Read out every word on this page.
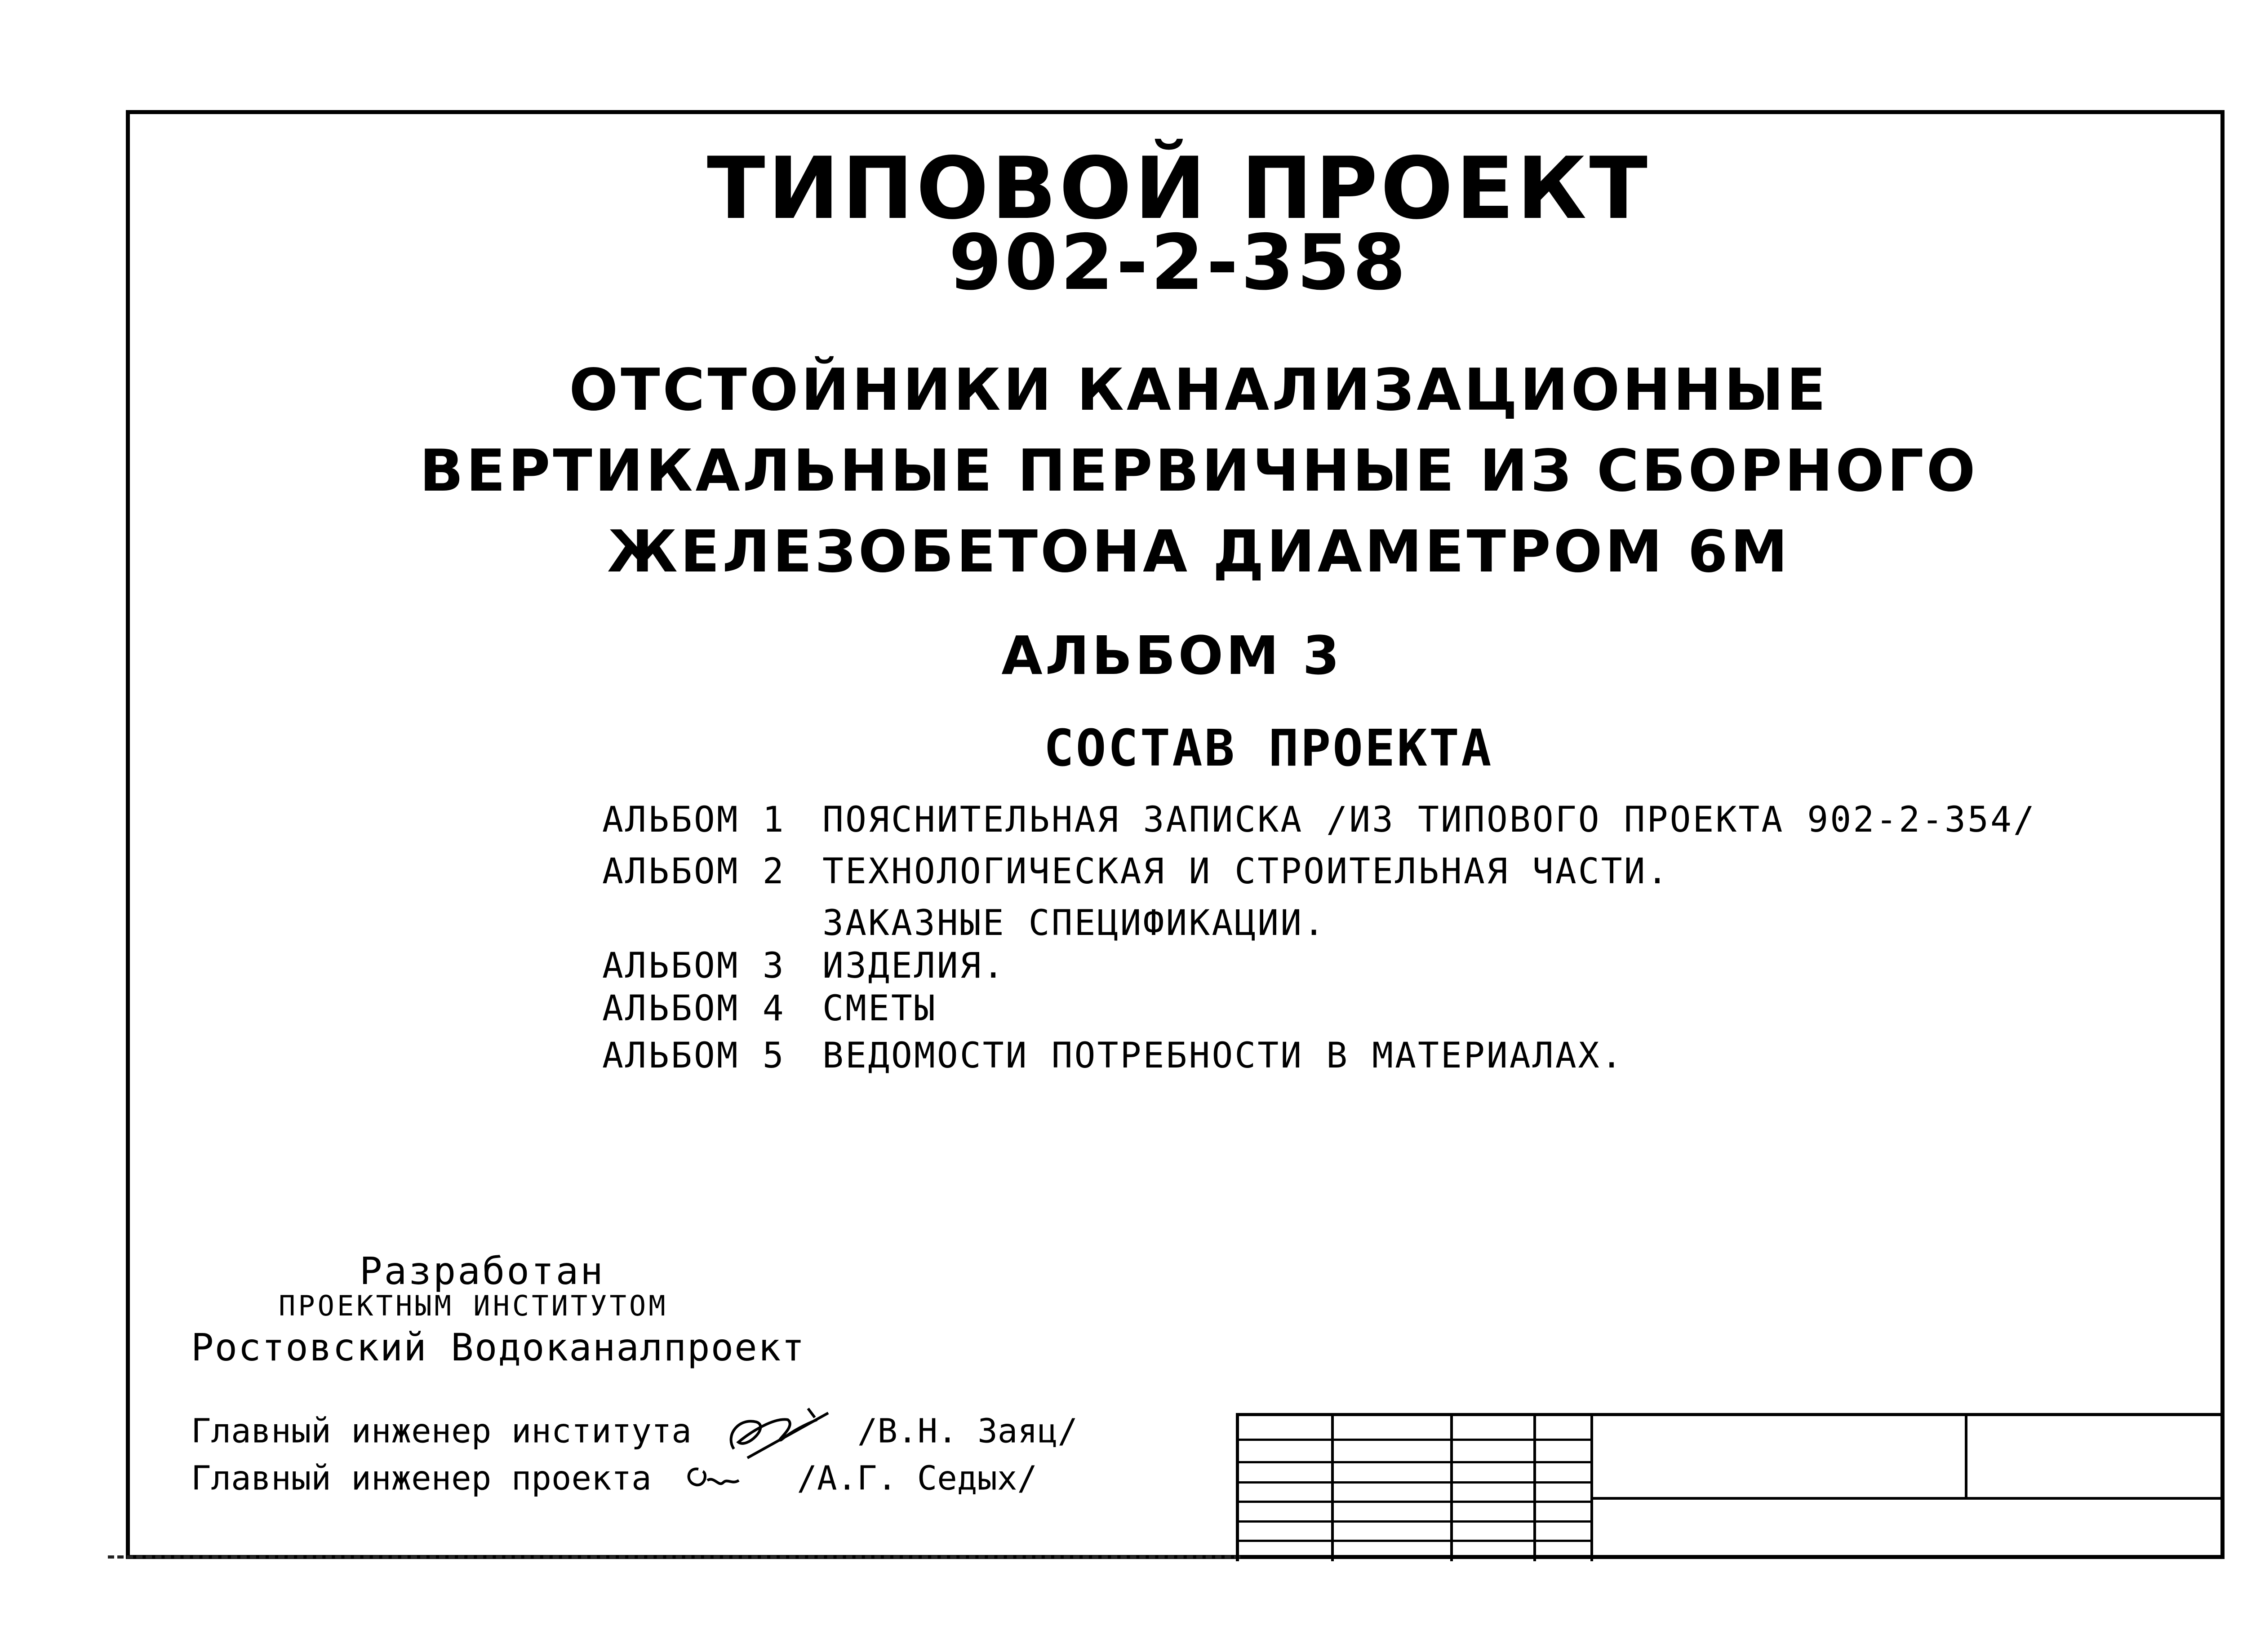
ТИПОВОЙ ПРОЕКТ
902-2-358
ОТСТОЙНИКИ КАНАЛИЗАЦИОННЫЕ
ВЕРТИКАЛЬНЫЕ ПЕРВИЧНЫЕ ИЗ СБОРНОГО
ЖЕЛЕЗОБЕТОНА ДИАМЕТРОМ 6М
АЛЬБОМ 3
СОСТАВ ПРОЕКТА
АЛЬБОМ 1 ПОЯСНИТЕЛЬНАЯ ЗАПИСКА /ИЗ ТИПОВОГО ПРОЕКТА 902-2-354/
АЛЬБОМ 2 ТЕХНОЛОГИЧЕСКАЯ И СТРОИТЕЛЬНАЯ ЧАСТИ.
ЗАКАЗНЫЕ СПЕЦИФИКАЦИИ.
АЛЬБОМ 3 ИЗДЕЛИЯ.
АЛЬБОМ 4 СМЕТЫ
АЛЬБОМ 5 ВЕДОМОСТИ ПОТРЕБНОСТИ В МАТЕРИАЛАХ.
Разработан
ПРОЕКТНЫМ ИНСТИТУТОМ
Ростовский Водоканалпроект
Главный инженер института	/В.Н. Заяц/
Главный инженер проекта	/А.Г. Седых/
